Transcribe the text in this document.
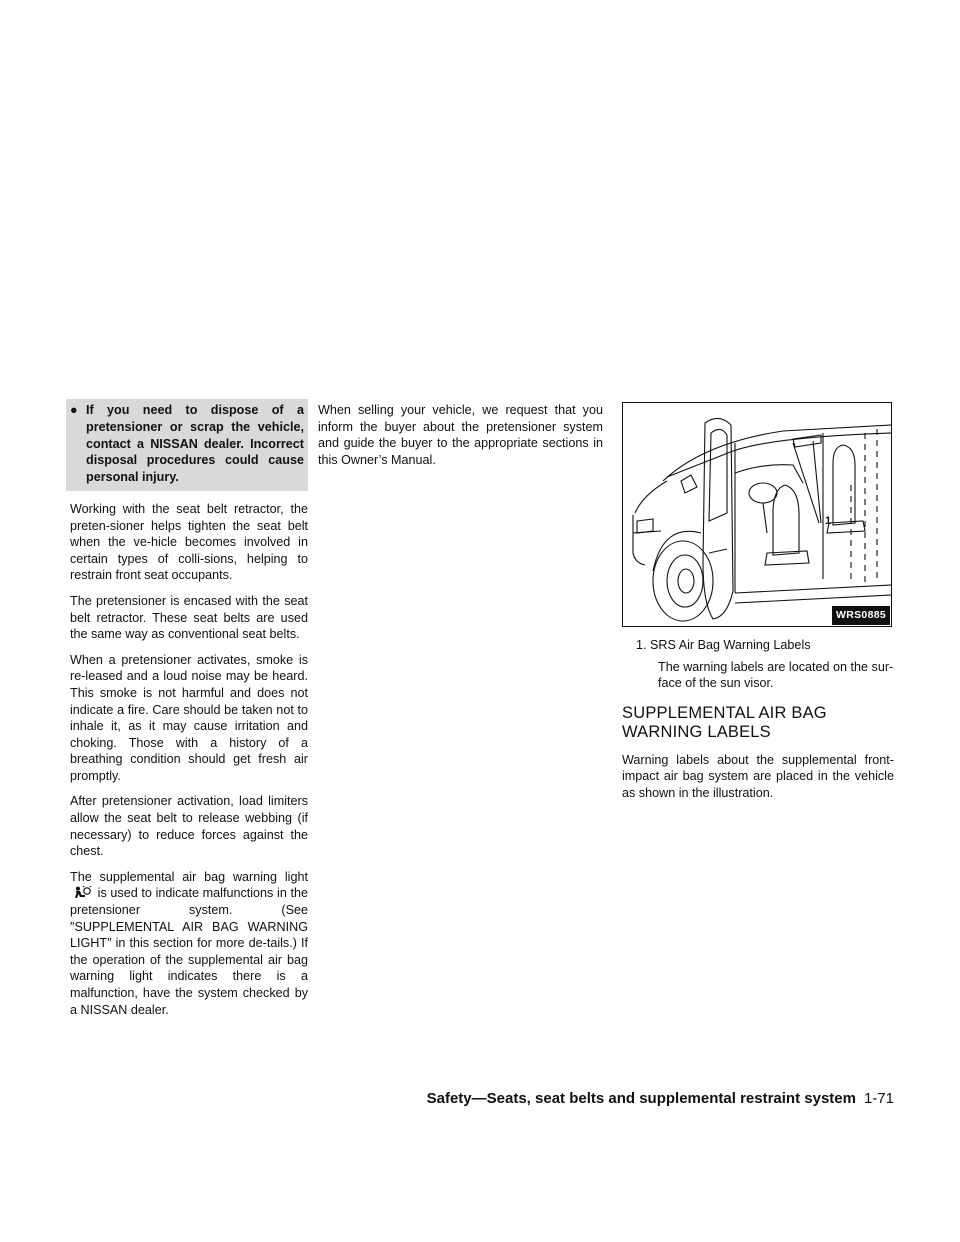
● If you need to dispose of a pretensioner or scrap the vehicle, contact a NISSAN dealer. Incorrect disposal procedures could cause personal injury.

Working with the seat belt retractor, the preten-sioner helps tighten the seat belt when the ve-hicle becomes involved in certain types of colli-sions, helping to restrain front seat occupants.

The pretensioner is encased with the seat belt retractor. These seat belts are used the same way as conventional seat belts.

When a pretensioner activates, smoke is re-leased and a loud noise may be heard. This smoke is not harmful and does not indicate a fire. Care should be taken not to inhale it, as it may cause irritation and choking. Those with a history of a breathing condition should get fresh air promptly.

After pretensioner activation, load limiters allow the seat belt to release webbing (if necessary) to reduce forces against the chest.

The supplemental air bag warning light  is used to indicate malfunctions in the pretensioner system. (See ″SUPPLEMENTAL AIR BAG WARNING LIGHT″ in this section for more de-tails.) If the operation of the supplemental air bag warning light indicates there is a malfunction, have the system checked by a NISSAN dealer.

When selling your vehicle, we request that you inform the buyer about the pretensioner system and guide the buyer to the appropriate sections in this Owner’s Manual.

1
WRS0885
1. SRS Air Bag Warning Labels

The warning labels are located on the sur-face of the sun visor.

SUPPLEMENTAL AIR BAG
WARNING LABELS

Warning labels about the supplemental front-impact air bag system are placed in the vehicle as shown in the illustration.

Safety—Seats, seat belts and supplemental restraint system 1-71
